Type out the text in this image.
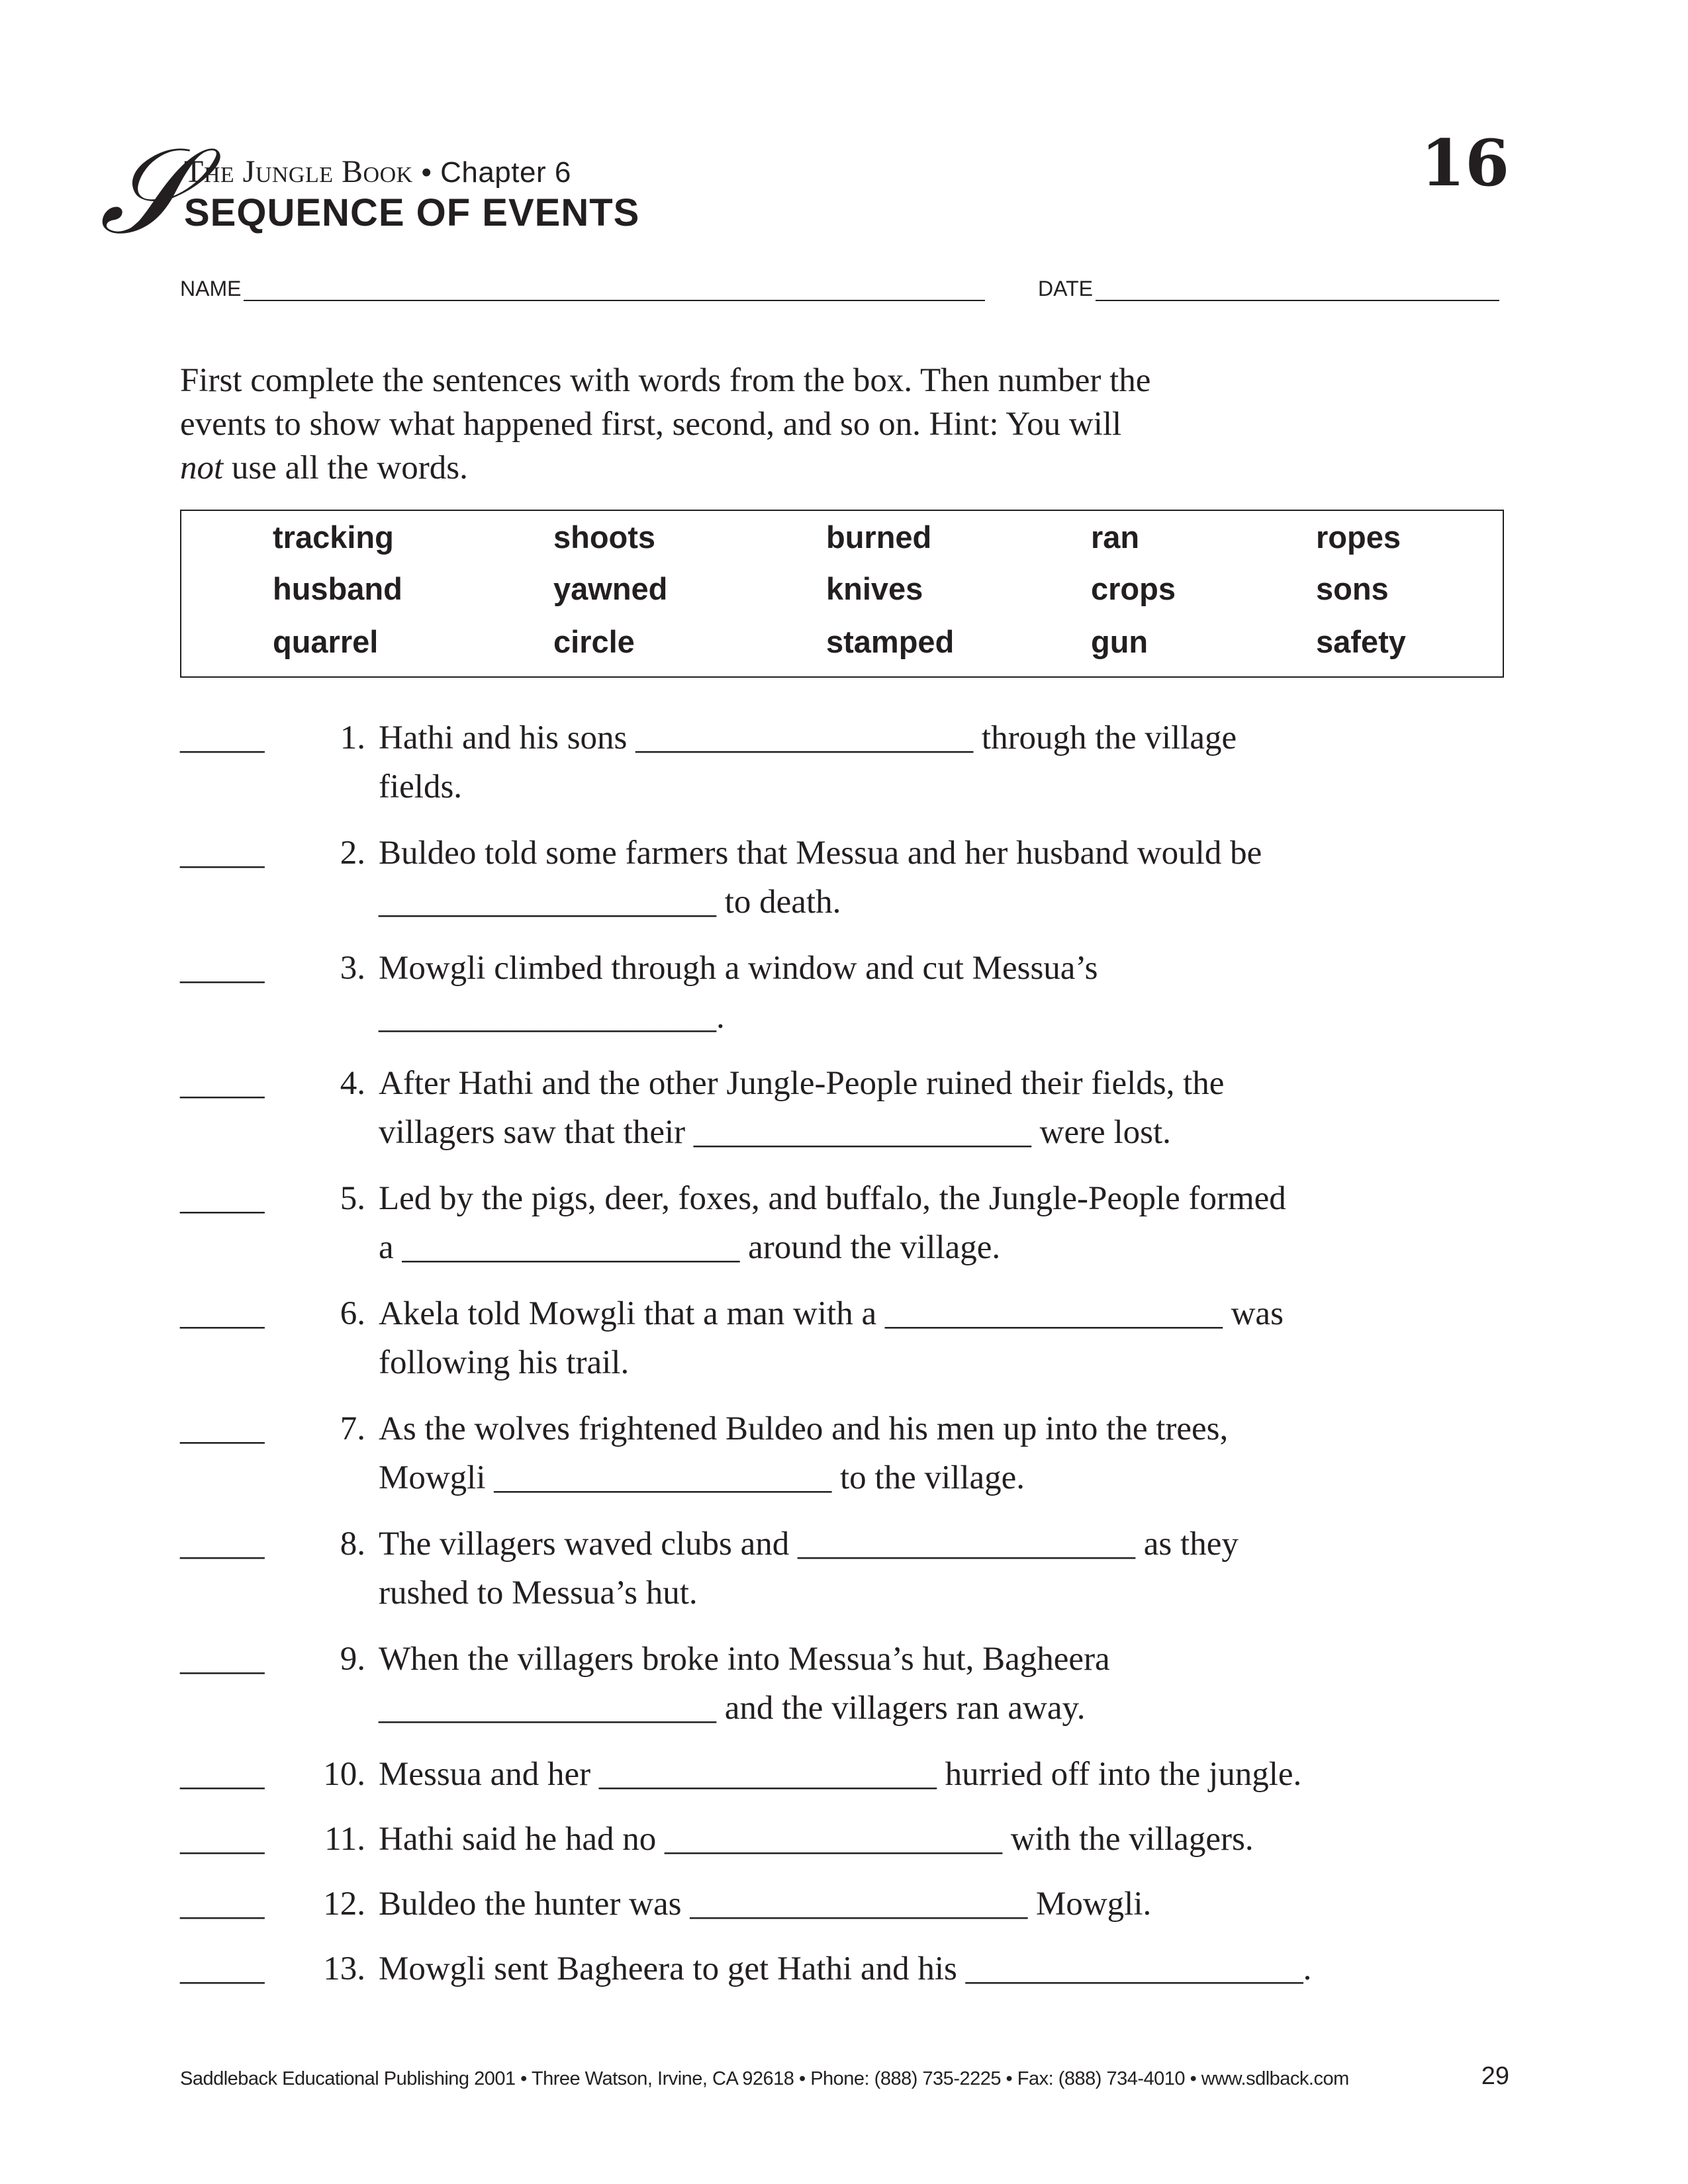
𝒮
The Jungle Book • Chapter 6
SEQUENCE OF EVENTS
16
NAME	DATE
First complete the sentences with words from the box. Then number the
events to show what happened first, second, and so on. Hint: You will
not use all the words.
tracking	shoots	burned	ran	ropes
husband	yawned	knives	crops	sons
quarrel	circle	stamped	gun	safety
_____	1. Hathi and his sons ____________________ through the village
fields.
_____	2. Buldeo told some farmers that Messua and her husband would be
____________________ to death.
_____	3. Mowgli climbed through a window and cut Messua’s
____________________.
_____	4. After Hathi and the other Jungle-People ruined their fields, the
villagers saw that their ____________________ were lost.
_____	5. Led by the pigs, deer, foxes, and buffalo, the Jungle-People formed
a ____________________ around the village.
_____	6. Akela told Mowgli that a man with a ____________________ was
following his trail.
_____	7. As the wolves frightened Buldeo and his men up into the trees,
Mowgli ____________________ to the village.
_____	8. The villagers waved clubs and ____________________ as they
rushed to Messua’s hut.
_____	9. When the villagers broke into Messua’s hut, Bagheera
____________________ and the villagers ran away.
_____	10. Messua and her ____________________ hurried off into the jungle.
_____	11. Hathi said he had no ____________________ with the villagers.
_____	12. Buldeo the hunter was ____________________ Mowgli.
_____	13. Mowgli sent Bagheera to get Hathi and his ____________________.
Saddleback Educational Publishing 2001 • Three Watson, Irvine, CA 92618 • Phone: (888) 735-2225 • Fax: (888) 734-4010 • www.sdlback.com	29
